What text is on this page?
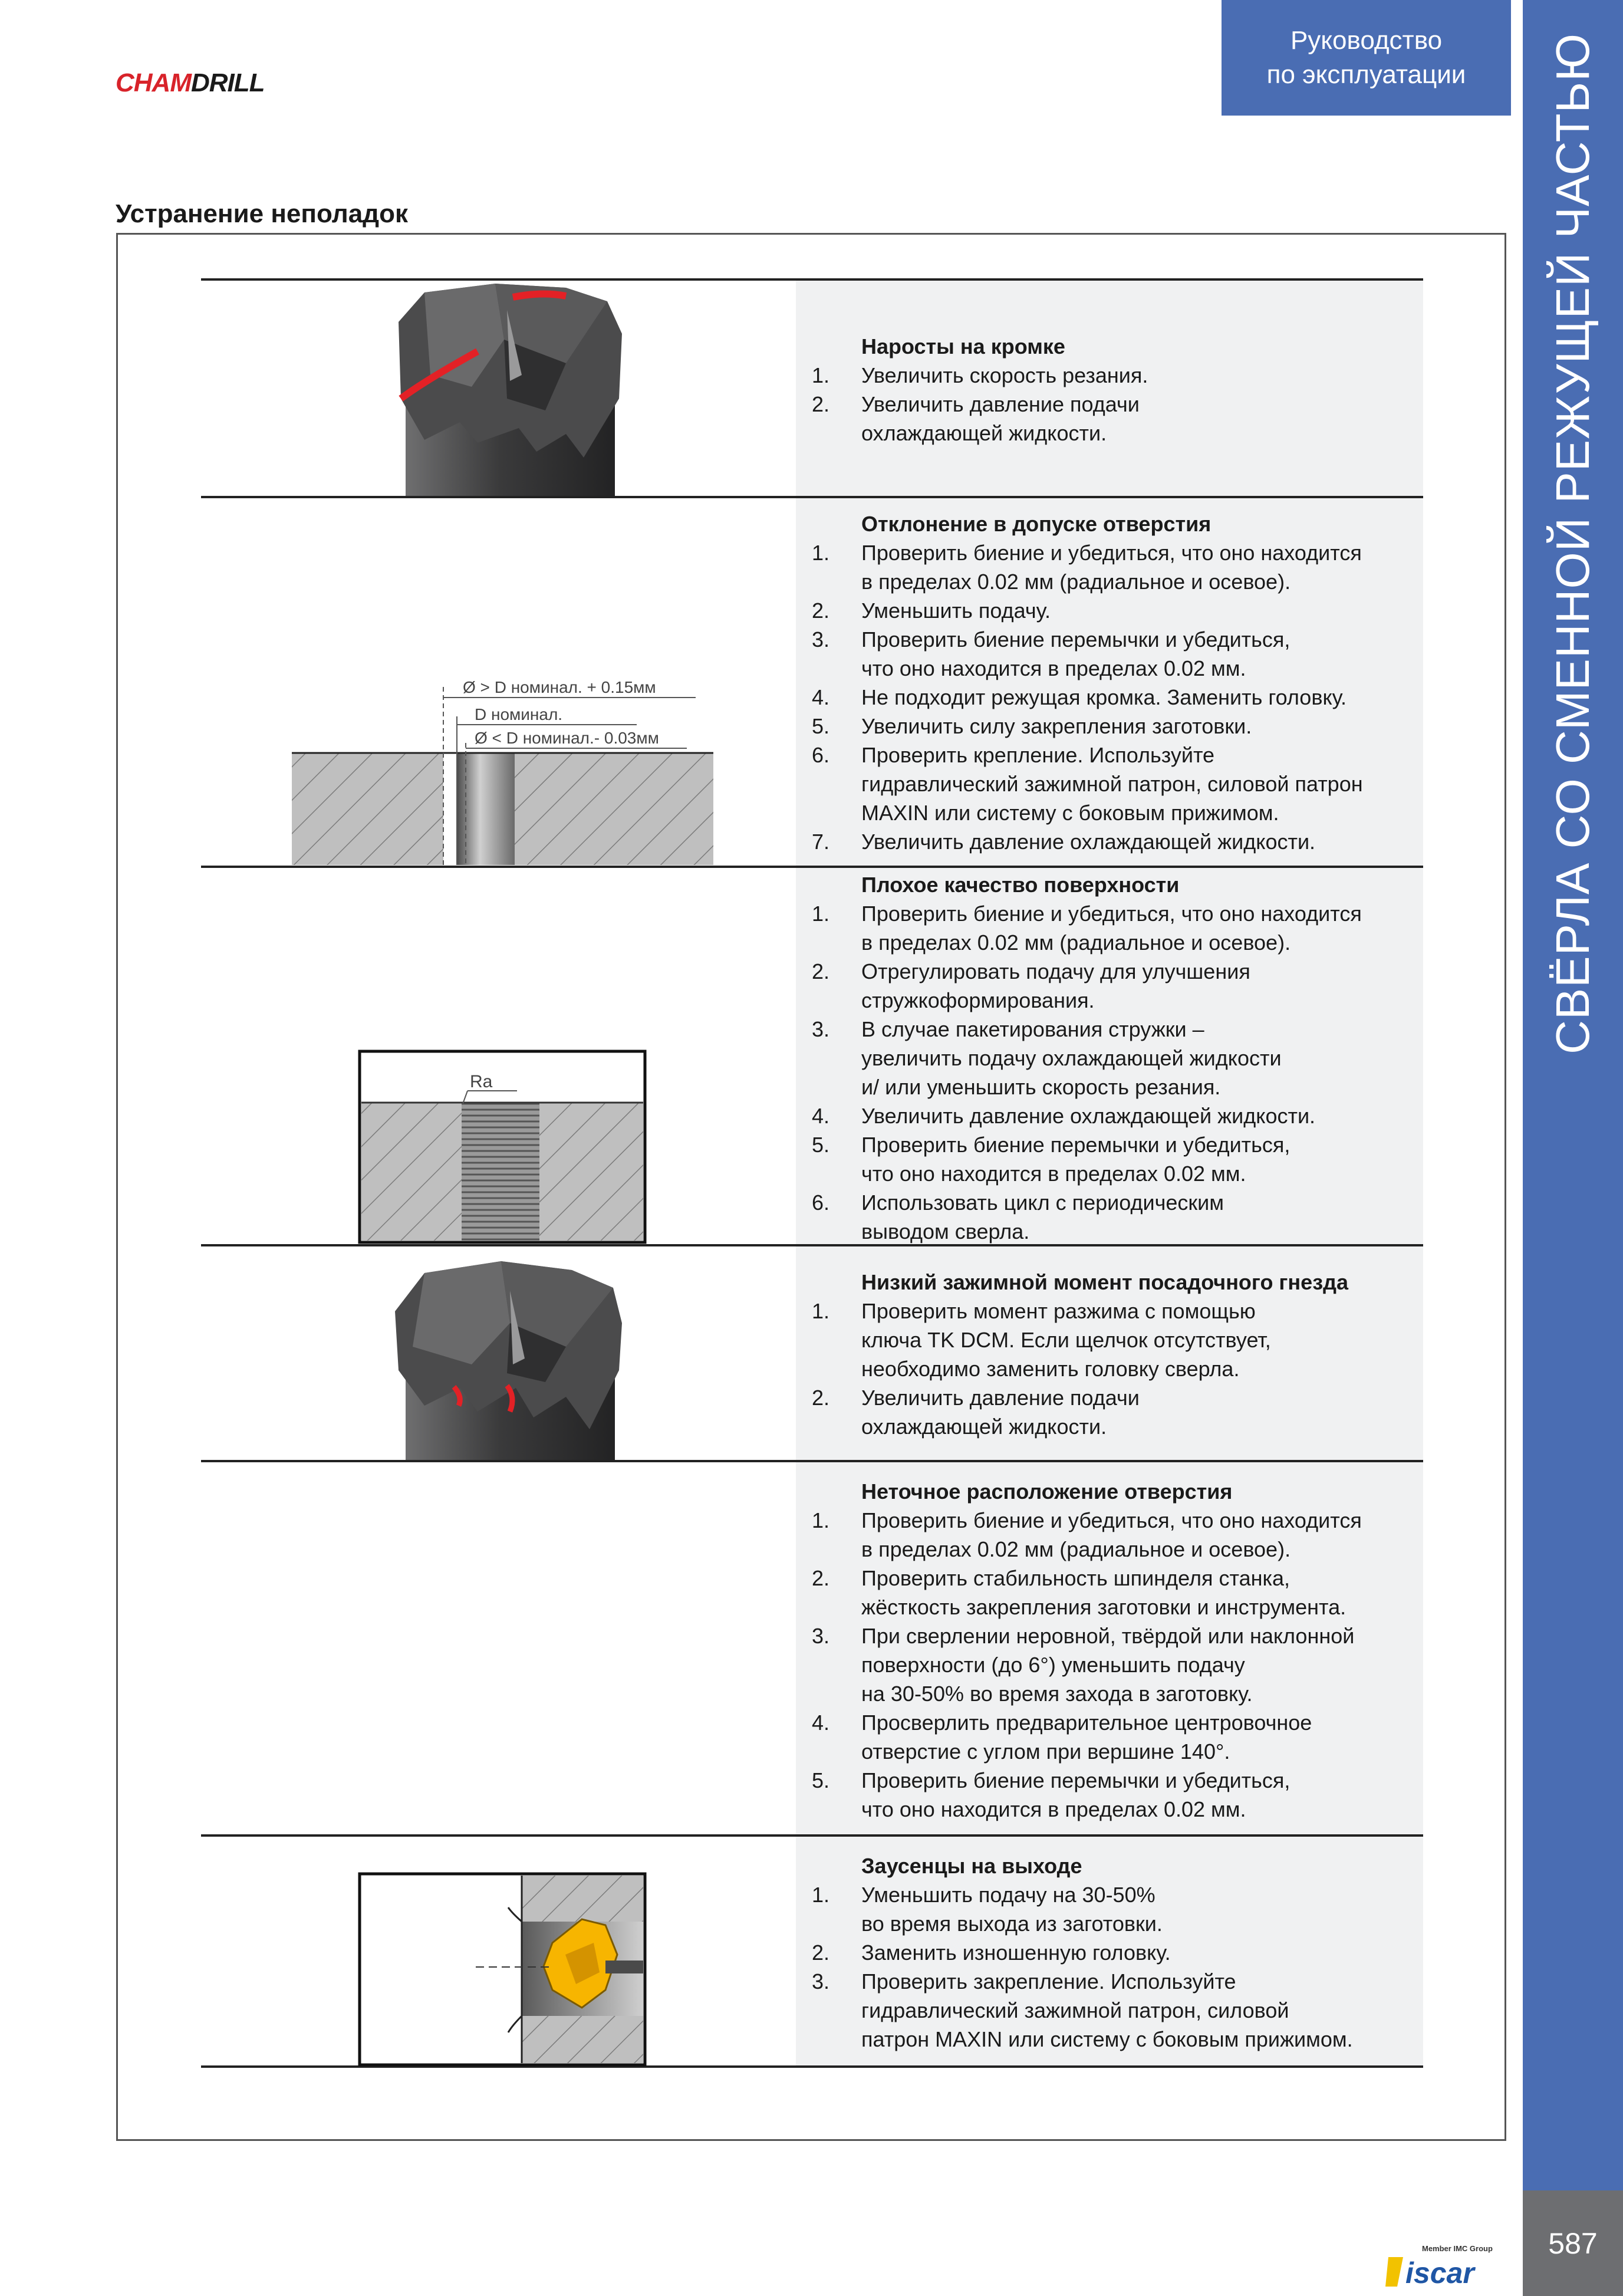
CHAMDRILL
Руководство
по эксплуатации СВЁРЛА СО СМЕННОЙ РЕЖУЩЕЙ ЧАСТЬЮ
587
Устранение неполадок
Наросты на кромке
1. Увеличить скорость резания.
2. Увеличить давление подачи
охлаждающей жидкости.
Отклонение в допуске отверстия
1. Проверить биение и убедиться, что оно находится
в пределах 0.02 мм (радиальное и осевое).
2. Уменьшить подачу.
3. Проверить биение перемычки и убедиться,
что оно находится в пределах 0.02 мм.
4. Не подходит режущая кромка. Заменить головку.
5. Увеличить силу закрепления заготовки.
6. Проверить крепление. Используйте
гидравлический зажимной патрон, силовой патрон
MAXIN или систему с боковым прижимом.
7. Увеличить давление охлаждающей жидкости.
Плохое качество поверхности
1. Проверить биение и убедиться, что оно находится
в пределах 0.02 мм (радиальное и осевое).
2. Отрегулировать подачу для улучшения
стружкоформирования.
3. В случае пакетирования стружки –
увеличить подачу охлаждающей жидкости
и/ или уменьшить скорость резания.
4. Увеличить давление охлаждающей жидкости.
5. Проверить биение перемычки и убедиться,
что оно находится в пределах 0.02 мм.
6. Использовать цикл с периодическим
выводом сверла.
Низкий зажимной момент посадочного гнезда
1. Проверить момент разжима с помощью
ключа TK DCM. Если щелчок отсутствует,
необходимо заменить головку сверла.
2. Увеличить давление подачи
охлаждающей жидкости.
Неточное расположение отверстия
1. Проверить биение и убедиться, что оно находится
в пределах 0.02 мм (радиальное и осевое).
2. Проверить стабильность шпинделя станка,
жёсткость закрепления заготовки и инструмента.
3. При сверлении неровной, твёрдой или наклонной
поверхности (до 6°) уменьшить подачу
на 30-50% во время захода в заготовку.
4. Просверлить предварительное центровочное
отверстие с углом при вершине 140°.
5. Проверить биение перемычки и убедиться,
что оно находится в пределах 0.02 мм.
Заусенцы на выходе
1. Уменьшить подачу на 30-50%
во время выхода из заготовки.
2. Заменить изношенную головку.
3. Проверить закрепление. Используйте
гидравлический зажимной патрон, силовой
патрон MAXIN или систему с боковым прижимом.
Ø > D номинал. + 0.15мм
D номинал.
Ø < D номинал.- 0.03мм
Ra
Member IMC Group
iscar
